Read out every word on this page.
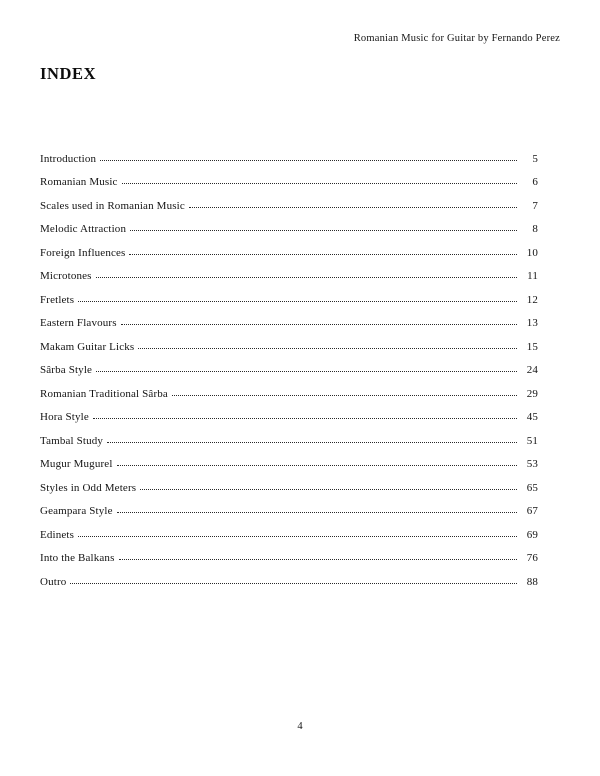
Romanian Music for Guitar by Fernando Perez
INDEX
Introduction	5
Romanian Music	6
Scales used in Romanian Music	7
Melodic Attraction	8
Foreign Influences	10
Microtones	11
Fretlets	12
Eastern Flavours	13
Makam Guitar Licks	15
Sârba Style	24
Romanian Traditional Sârba	29
Hora Style	45
Tambal Study	51
Mugur Mugurel	53
Styles in Odd Meters	65
Geampara Style	67
Edinets	69
Into the Balkans	76
Outro	88
4
